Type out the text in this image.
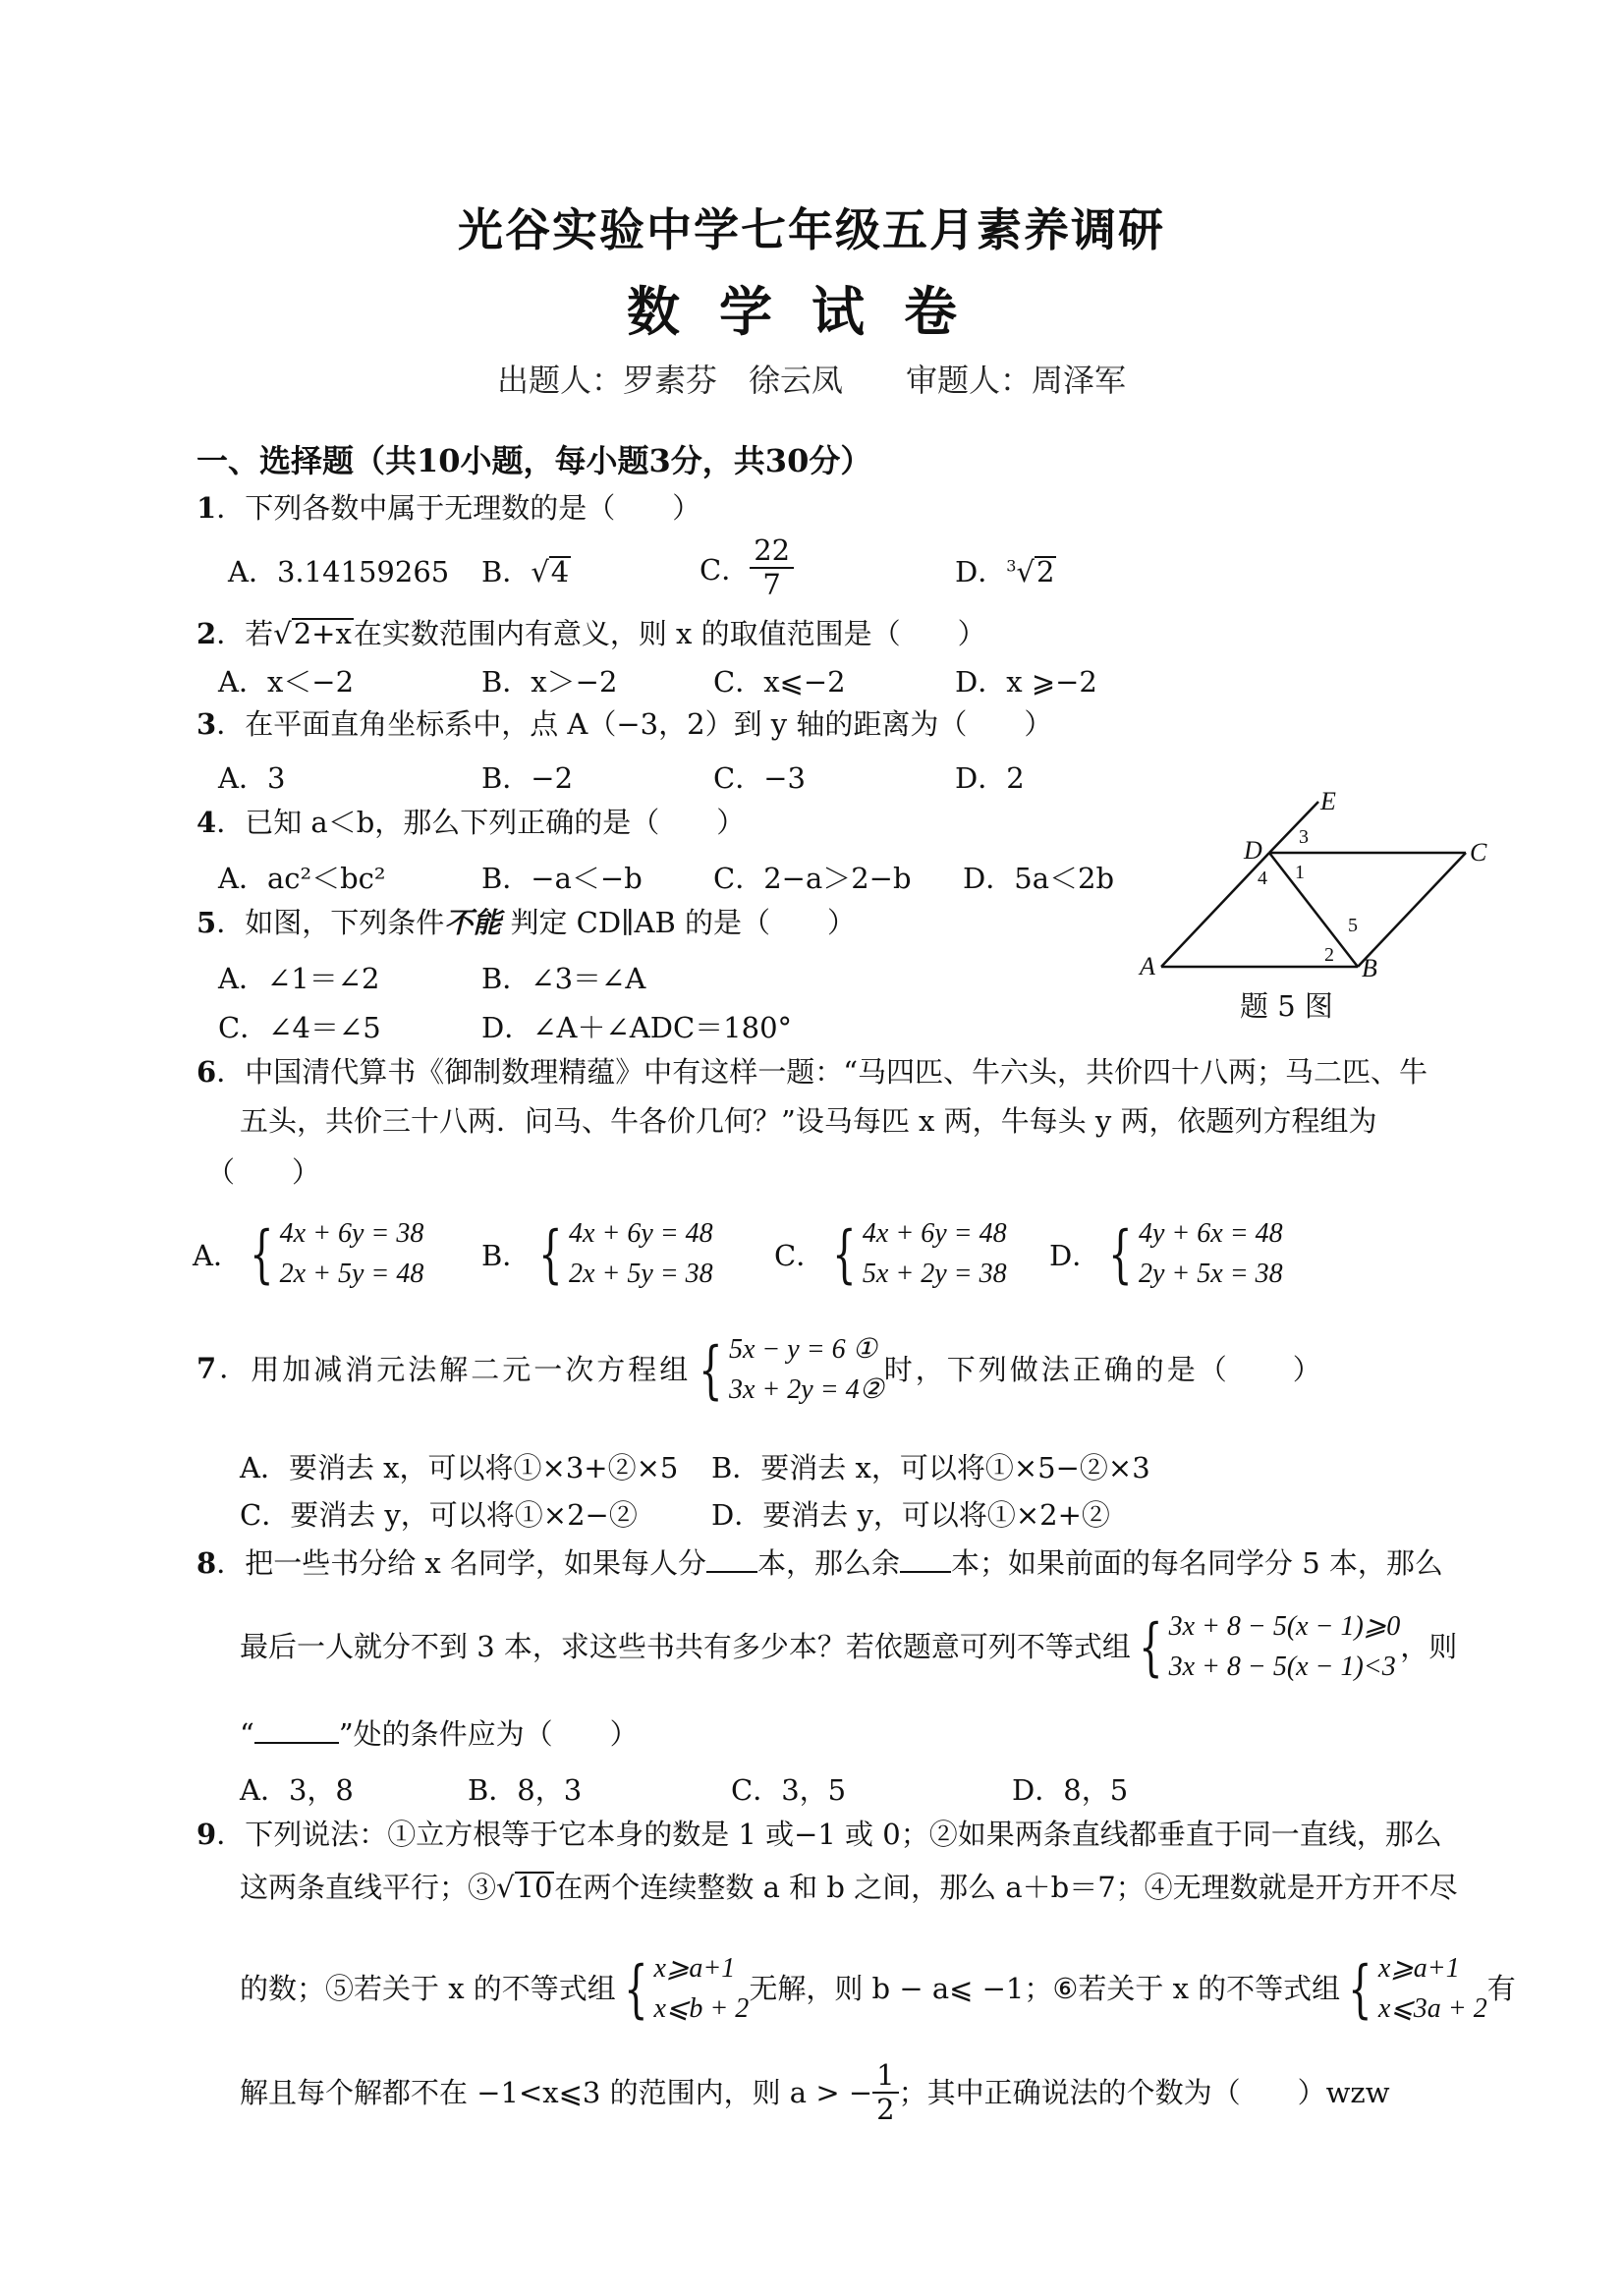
光谷实验中学七年级五月素养调研
数学试卷
出题人：罗素芬　徐云凤　　审题人：周泽军
一、选择题（共10小题，每小题3分，共30分）
1．下列各数中属于无理数的是（　　）
A．3.14159265 B．√4	C． $\frac{22}{7}$	D．$^3$√2
2．若√2+x在实数范围内有意义，则 x 的取值范围是（　　）
A．x＜−2	B．x＞−2	C．x⩽−2	D．x ⩾−2
3．在平面直角坐标系中，点 A（−3，2）到 y 轴的距离为（　　）
A．3	B．−2	C．−3	D．2
4．已知 a＜b，那么下列正确的是（　　）
A．ac²＜bc²	B．−a＜−b C．2−a＞2−b D．5a＜2b
5．如图，下列条件不能 判定 CD∥AB 的是（　　）
A．∠1＝∠2	B．∠3＝∠A
C．∠4＝∠5	D．∠A＋∠ADC＝180°
E
D	C
A	B
1
2
3
4
5
题 5 图
6．中国清代算书《御制数理精蕴》中有这样一题：“马四匹、牛六头，共价四十八两；马二匹、牛
五头，共价三十八两．问马、牛各价几何？”设马每匹 x 两，牛每头 y 两，依题列方程组为
（　　）
A． { 4x + 6y = 38
2x + 5y = 48
B． { 4x + 6y = 48
2x + 5y = 38
C． { 4x + 6y = 48
5x + 2y = 38
D． { 4y + 6x = 48
2y + 5x = 38
7．用加减消元法解二元一次方程组 { 5x − y = 6 ①
3x + 2y = 4②
时，下列做法正确的是（　　）
A．要消去 x，可以将①×3+②×5 B．要消去 x，可以将①×5−②×3
C．要消去 y，可以将①×2−②	D．要消去 y，可以将①×2+②
8．把一些书分给 x 名同学，如果每人分 本，那么余 本；如果前面的每名同学分 5 本，那么
最后一人就分不到 3 本，求这些书共有多少本？若依题意可列不等式组 { 3x + 8 − 5(x − 1)⩾0
3x + 8 − 5(x − 1)<3
，则
“	”处的条件应为（　　）
A．3，8	B．8，3	C．3，5	D．8，5
9．下列说法：①立方根等于它本身的数是 1 或−1 或 0；②如果两条直线都垂直于同一直线，那么
这两条直线平行；③√10在两个连续整数 a 和 b 之间，那么 a＋b＝7；④无理数就是开方开不尽
的数；⑤若关于 x 的不等式组 { x⩾a+1
x⩽b + 2
无解，则 b − a⩽ −1；⑥若关于 x 的不等式组 { x⩾a+1
x⩽3a + 2
有
解且每个解都不在 −1<x⩽3 的范围内，则 a > − $\frac{1}{2}$ ；其中正确说法的个数为（　　）wzw
